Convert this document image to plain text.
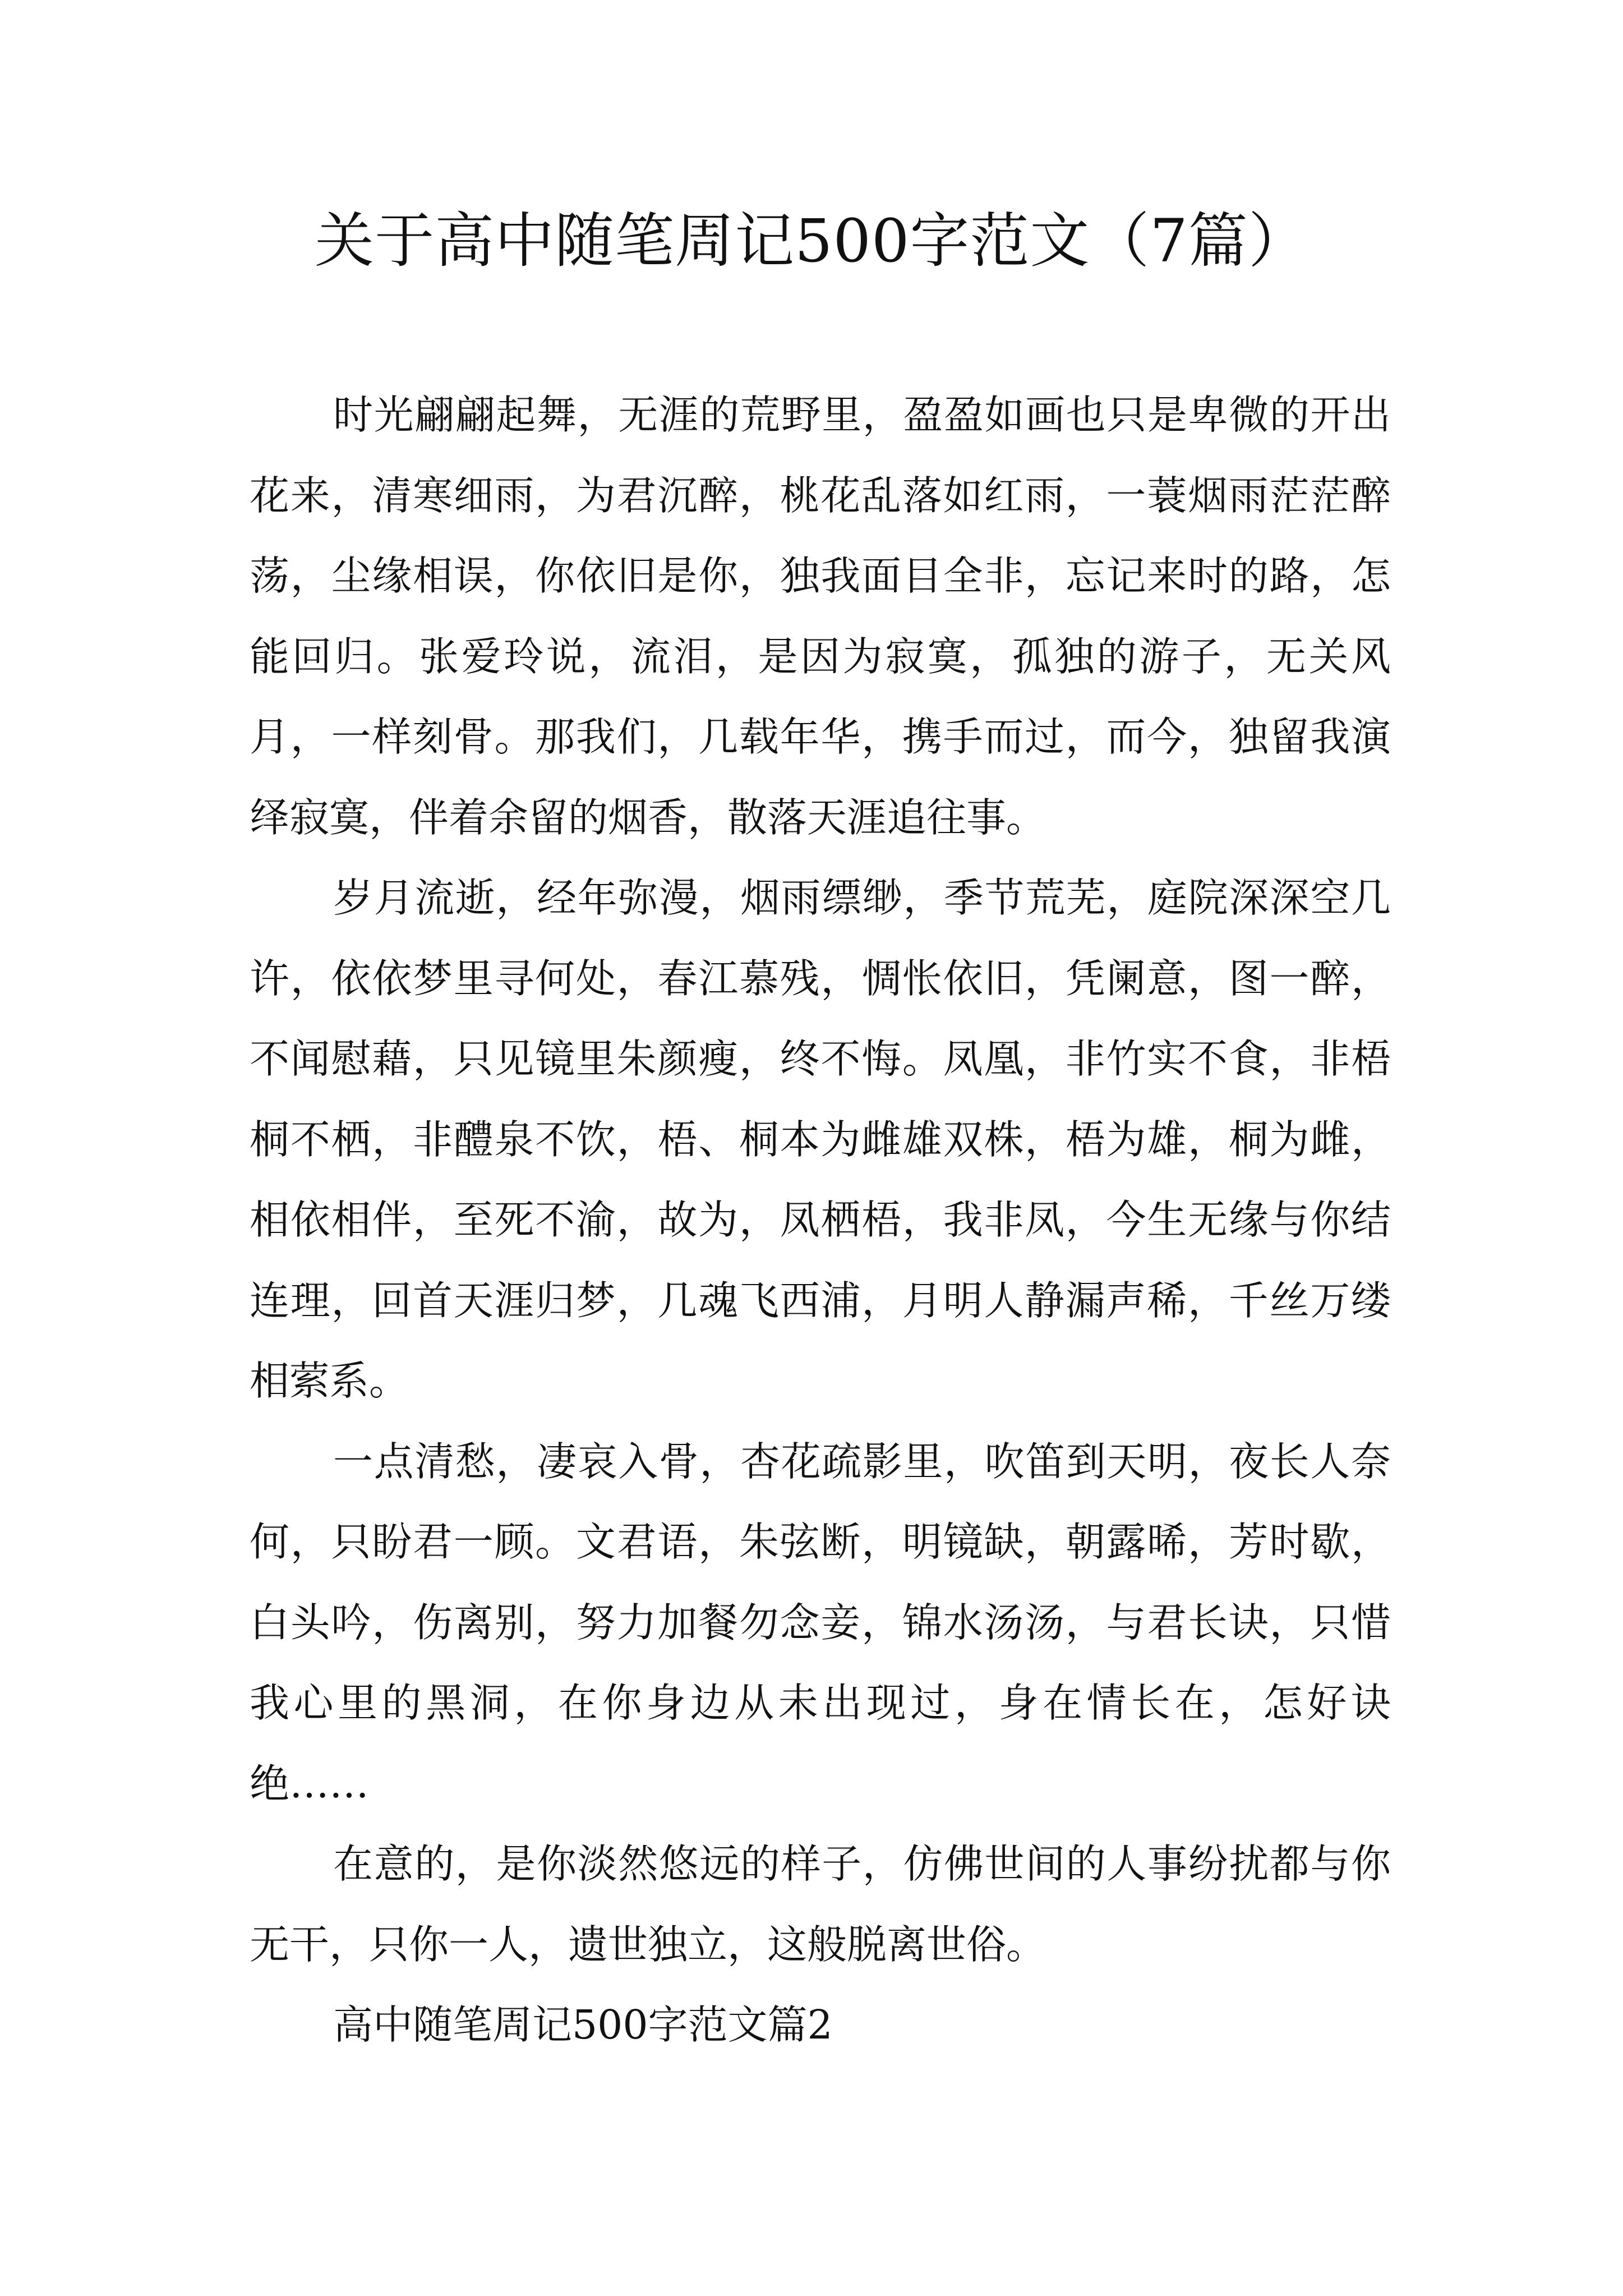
关于高中随笔周记500字范文（7篇）

时光翩翩起舞，无涯的荒野里，盈盈如画也只是卑微的开出花来，清寒细雨，为君沉醉，桃花乱落如红雨，一蓑烟雨茫茫醉荡，尘缘相误，你依旧是你，独我面目全非，忘记来时的路，怎能回归。张爱玲说，流泪，是因为寂寞，孤独的游子，无关风月，一样刻骨。那我们，几载年华，携手而过，而今，独留我演绎寂寞，伴着余留的烟香，散落天涯追往事。

岁月流逝，经年弥漫，烟雨缥缈，季节荒芜，庭院深深空几许，依依梦里寻何处，春江慕残，惆怅依旧，凭阑意，图一醉，不闻慰藉，只见镜里朱颜瘦，终不悔。凤凰，非竹实不食，非梧桐不栖，非醴泉不饮，梧、桐本为雌雄双株，梧为雄，桐为雌，相依相伴，至死不渝，故为，凤栖梧，我非凤，今生无缘与你结连理，回首天涯归梦，几魂飞西浦，月明人静漏声稀，千丝万缕相萦系。

一点清愁，凄哀入骨，杏花疏影里，吹笛到天明，夜长人奈何，只盼君一顾。文君语，朱弦断，明镜缺，朝露晞，芳时歇，白头吟，伤离别，努力加餐勿念妾，锦水汤汤，与君长诀，只惜我心里的黑洞，在你身边从未出现过，身在情长在，怎好诀绝……

在意的，是你淡然悠远的样子，仿佛世间的人事纷扰都与你无干，只你一人，遗世独立，这般脱离世俗。

高中随笔周记500字范文篇2
